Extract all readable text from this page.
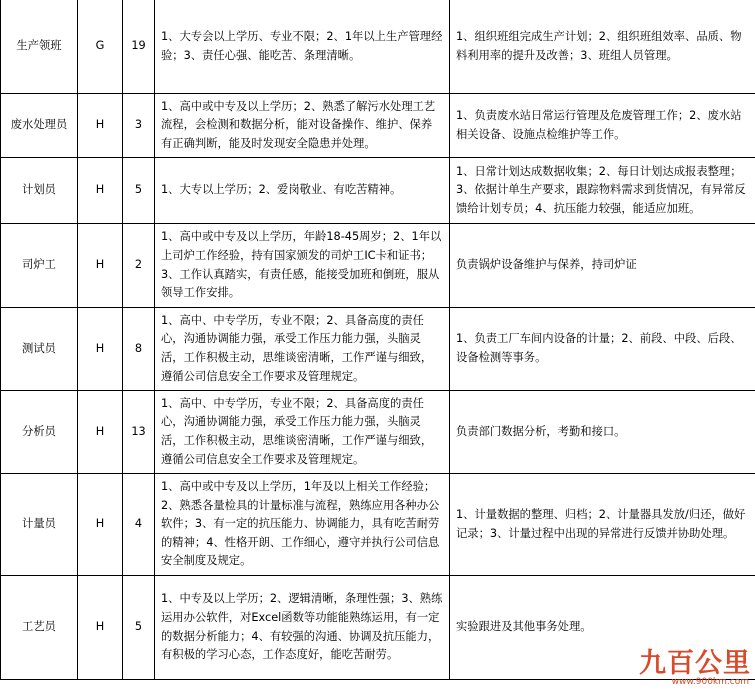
生产领班	G	19	1、大专会以上学历、专业不限；2、1年以上生产管理经验；3、责任心强、能吃苦、条理清晰。	1、组织班组完成生产计划；2、组织班组效率、品质、物料利用率的提升及改善；3、班组人员管理。
废水处理员	H	3	1、高中或中专及以上学历；2、熟悉了解污水处理工艺流程，会检测和数据分析，能对设备操作、维护、保养有正确判断，能及时发现安全隐患并处理。	1、负责废水站日常运行管理及危废管理工作；2、废水站相关设备、设施点检维护等工作。
计划员	H	5	1、大专以上学历；2、爱岗敬业、有吃苦精神。	1、日常计划达成数据收集；2、每日计划达成报表整理；3、依据计单生产要求，跟踪物料需求到货情况，有异常反馈给计划专员；4、抗压能力较强，能适应加班。
司炉工	H	2	1、高中或中专及以上学历，年龄18-45周岁；2、1年以上司炉工作经验，持有国家颁发的司炉工IC卡和证书；3、工作认真踏实，有责任感，能接受加班和倒班，服从领导工作安排。	负责锅炉设备维护与保养，持司炉证
测试员	H	8	1、高中、中专学历，专业不限；2、具备高度的责任心，沟通协调能力强，承受工作压力能力强，头脑灵活，工作积极主动，思维谈密清晰，工作严谨与细致，遵循公司信息安全工作要求及管理规定。	1、负责工厂车间内设备的计量；2、前段、中段、后段、设备检测等事务。
分析员	H	13	1、高中、中专学历，专业不限；2、具备高度的责任心，沟通协调能力强，承受工作压力能力强，头脑灵活，工作积极主动，思维谈密清晰，工作严谨与细致，遵循公司信息安全工作要求及管理规定。	负责部门数据分析，考勤和接口。
计量员	H	4	1、高中或中专及以上学历，1年及以上相关工作经验；2、熟悉各量检具的计量标准与流程，熟练应用各种办公软件；3、有一定的抗压能力、协调能力，具有吃苦耐劳的精神；4、性格开朗、工作细心，遵守并执行公司信息安全制度及规定。	1、计量数据的整理、归档；2、计量器具发放/归还，做好记录；3、计量过程中出现的异常进行反馈并协助处理。
工艺员	H	5	1、中专及以上学历；2、逻辑清晰，条理性强；3、熟练运用办公软件，对Excel函数等功能能熟练运用，有一定的数据分析能力；4、有较强的沟通、协调及抗压能力，有积极的学习心态，工作态度好，能吃苦耐劳。	实验跟进及其他事务处理。
九百公里
www.900km.com
